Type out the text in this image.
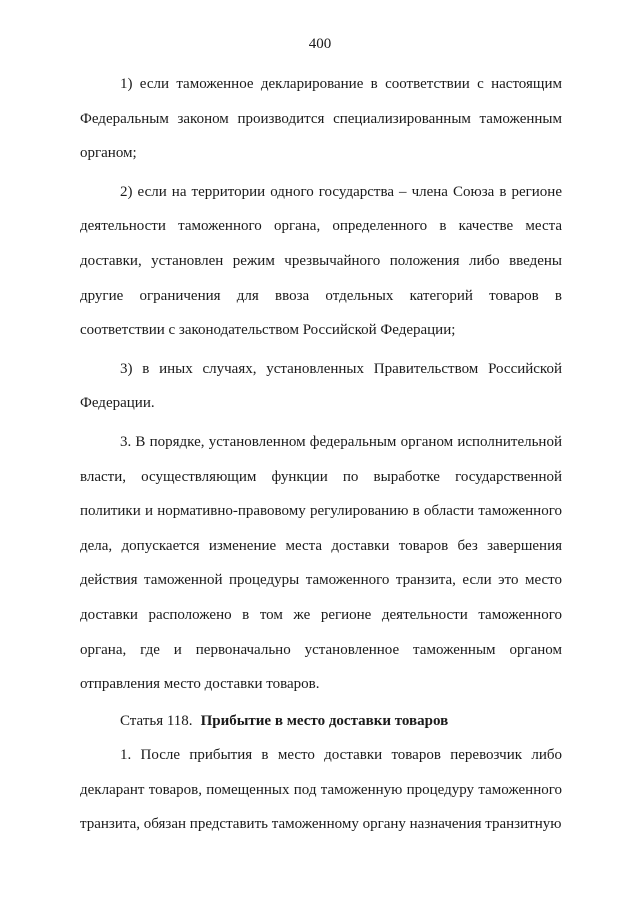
400

1) если таможенное декларирование в соответствии с настоящим Федеральным законом производится специализированным таможенным органом;

2) если на территории одного государства – члена Союза в регионе деятельности таможенного органа, определенного в качестве места доставки, установлен режим чрезвычайного положения либо введены другие ограничения для ввоза отдельных категорий товаров в соответствии с законодательством Российской Федерации;

3) в иных случаях, установленных Правительством Российской Федерации.

3. В порядке, установленном федеральным органом исполнительной власти, осуществляющим функции по выработке государственной политики и нормативно-правовому регулированию в области таможенного дела, допускается изменение места доставки товаров без завершения действия таможенной процедуры таможенного транзита, если это место доставки расположено в том же регионе деятельности таможенного органа, где и первоначально установленное таможенным органом отправления место доставки товаров.

Статья 118. Прибытие в место доставки товаров

1. После прибытия в место доставки товаров перевозчик либо декларант товаров, помещенных под таможенную процедуру таможенного транзита, обязан представить таможенному органу назначения транзитную
